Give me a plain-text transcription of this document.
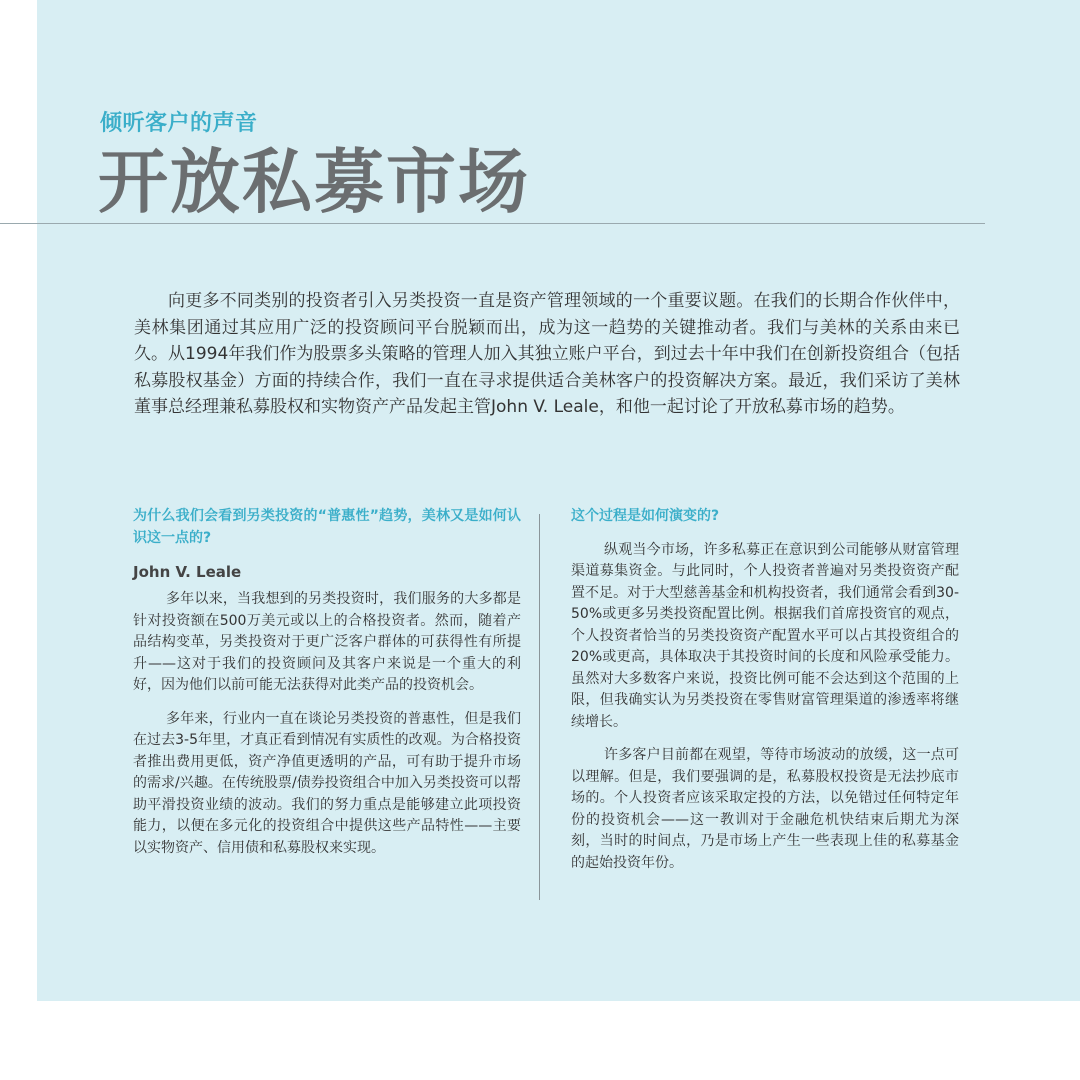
倾听客户的声音
开放私募市场

向更多不同类别的投资者引入另类投资一直是资产管理领域的一个重要议题。在我们的长期合作伙伴中，美林集团通过其应用广泛的投资顾问平台脱颖而出，成为这一趋势的关键推动者。我们与美林的关系由来已久。从1994年我们作为股票多头策略的管理人加入其独立账户平台，到过去十年中我们在创新投资组合（包括私募股权基金）方面的持续合作，我们一直在寻求提供适合美林客户的投资解决方案。最近，我们采访了美林董事总经理兼私募股权和实物资产产品发起主管John V. Leale，和他一起讨论了开放私募市场的趋势。

为什么我们会看到另类投资的“普惠性”趋势，美林又是如何认识这一点的?

John V. Leale

多年以来，当我想到的另类投资时，我们服务的大多都是针对投资额在500万美元或以上的合格投资者。然而，随着产品结构变革，另类投资对于更广泛客户群体的可获得性有所提升——这对于我们的投资顾问及其客户来说是一个重大的利好，因为他们以前可能无法获得对此类产品的投资机会。

多年来，行业内一直在谈论另类投资的普惠性，但是我们在过去3-5年里，才真正看到情况有实质性的改观。为合格投资者推出费用更低，资产净值更透明的产品，可有助于提升市场的需求/兴趣。在传统股票/债券投资组合中加入另类投资可以帮助平滑投资业绩的波动。我们的努力重点是能够建立此项投资能力，以便在多元化的投资组合中提供这些产品特性——主要以实物资产、信用债和私募股权来实现。

这个过程是如何演变的?

纵观当今市场，许多私募正在意识到公司能够从财富管理渠道募集资金。与此同时，个人投资者普遍对另类投资资产配置不足。对于大型慈善基金和机构投资者，我们通常会看到30-50%或更多另类投资配置比例。根据我们首席投资官的观点，个人投资者恰当的另类投资资产配置水平可以占其投资组合的20%或更高，具体取决于其投资时间的长度和风险承受能力。虽然对大多数客户来说，投资比例可能不会达到这个范围的上限，但我确实认为另类投资在零售财富管理渠道的渗透率将继续增长。

许多客户目前都在观望，等待市场波动的放缓，这一点可以理解。但是，我们要强调的是，私募股权投资是无法抄底市场的。个人投资者应该采取定投的方法，以免错过任何特定年份的投资机会——这一教训对于金融危机快结束后期尤为深刻，当时的时间点，乃是市场上产生一些表现上佳的私募基金的起始投资年份。
